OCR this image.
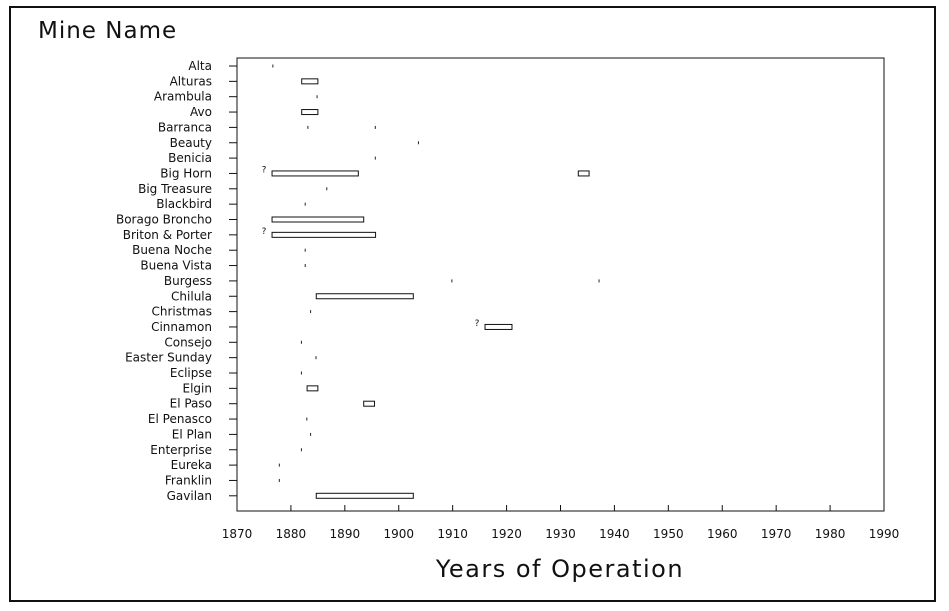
Mine Name
Years of Operation
1870 1880 1890 1900 1910 1920 1930 1940 1950 1960 1970 1980 1990
Alta
Alturas
Arambula
Avo
Barranca
Beauty
Benicia
Big Horn	?
Big Treasure
Blackbird
Borago Broncho
Briton & Porter	?
Buena Noche
Buena Vista
Burgess
Chilula
Christmas
Cinnamon	?
Consejo
Easter Sunday
Eclipse
Elgin
El Paso
El Penasco
El Plan
Enterprise
Eureka
Franklin
Gavilan
